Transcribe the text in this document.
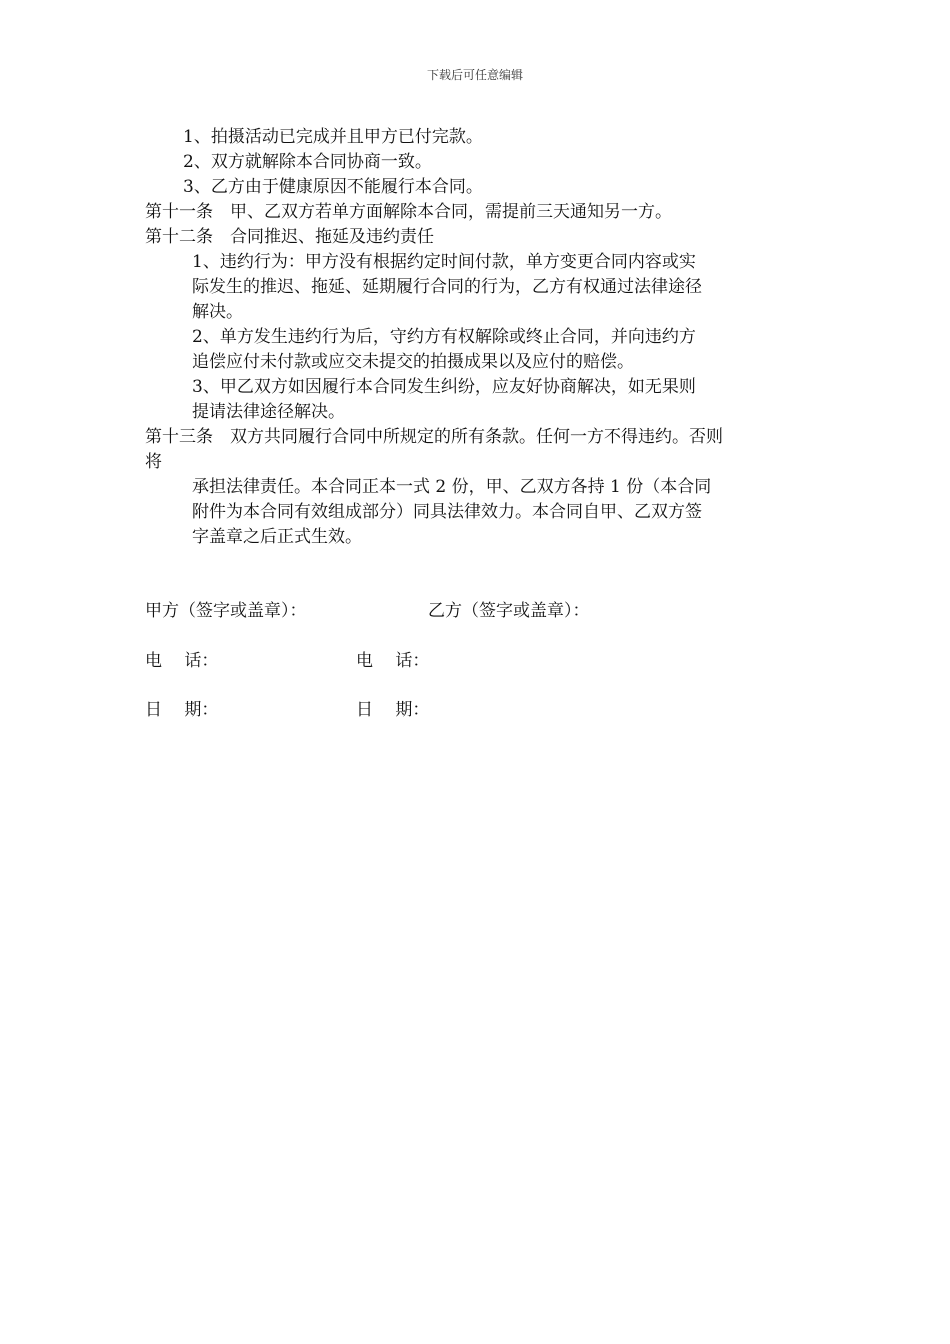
下载后可任意编辑
1、拍摄活动已完成并且甲方已付完款。
2、双方就解除本合同协商一致。
3、乙方由于健康原因不能履行本合同。
第十一条　甲、乙双方若单方面解除本合同，需提前三天通知另一方。
第十二条　合同推迟、拖延及违约责任
1、违约行为：甲方没有根据约定时间付款，单方变更合同内容或实
际发生的推迟、拖延、延期履行合同的行为，乙方有权通过法律途径
解决。
2、单方发生违约行为后，守约方有权解除或终止合同，并向违约方
追偿应付未付款或应交未提交的拍摄成果以及应付的赔偿。
3、甲乙双方如因履行本合同发生纠纷，应友好协商解决，如无果则
提请法律途径解决。
第十三条　双方共同履行合同中所规定的所有条款。任何一方不得违约。否则
将
承担法律责任。本合同正本一式 2 份，甲、乙双方各持 1 份（本合同
附件为本合同有效组成部分）同具法律效力。本合同自甲、乙双方签
字盖章之后正式生效。
甲方（签字或盖章）：	乙方（签字或盖章）：
电　 话：	电　 话：
日　 期：	日　 期：
